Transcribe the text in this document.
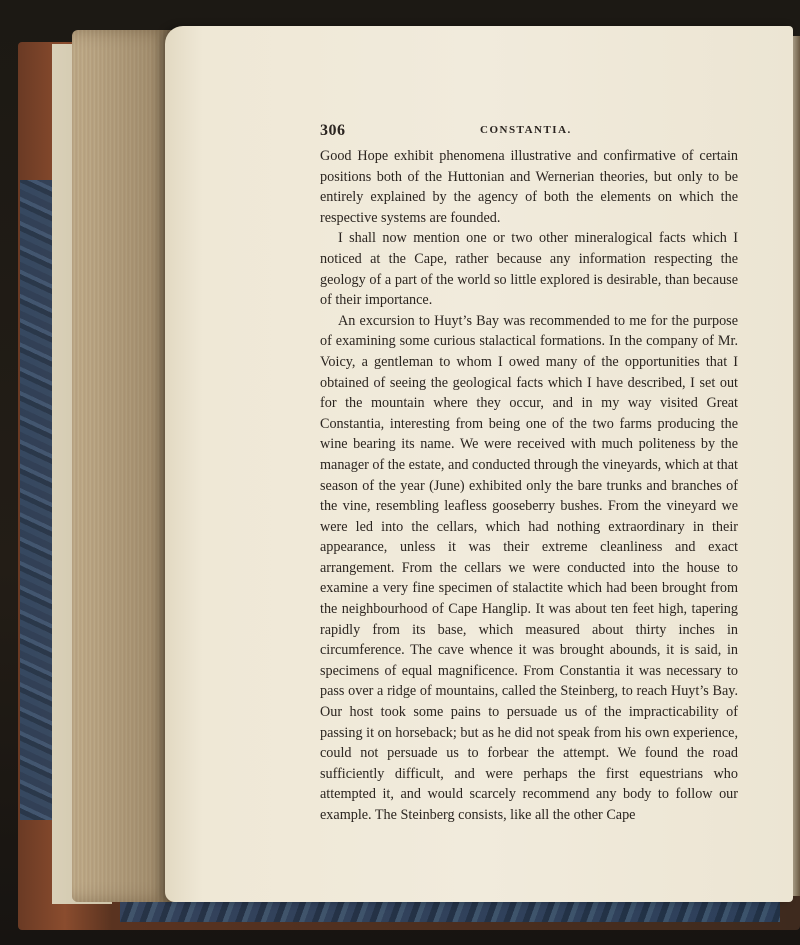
306	CONSTANTIA.

Good Hope exhibit phenomena illustrative and confirmative of certain positions both of the Huttonian and Wernerian theories, but only to be entirely explained by the agency of both the elements on which the respective systems are founded.

I shall now mention one or two other mineralogical facts which I noticed at the Cape, rather because any information respecting the geology of a part of the world so little explored is desirable, than because of their importance.

An excursion to Huyt’s Bay was recommended to me for the purpose of examining some curious stalactical formations. In the company of Mr. Voicy, a gentleman to whom I owed many of the opportunities that I obtained of seeing the geological facts which I have described, I set out for the mountain where they occur, and in my way visited Great Constantia, interesting from being one of the two farms producing the wine bearing its name. We were received with much politeness by the manager of the estate, and conducted through the vineyards, which at that season of the year (June) exhibited only the bare trunks and branches of the vine, resembling leafless gooseberry bushes. From the vineyard we were led into the cellars, which had nothing extraordinary in their appearance, unless it was their extreme cleanliness and exact arrangement. From the cellars we were conducted into the house to examine a very fine specimen of stalactite which had been brought from the neighbourhood of Cape Hanglip. It was about ten feet high, tapering rapidly from its base, which measured about thirty inches in circumference. The cave whence it was brought abounds, it is said, in specimens of equal magnificence. From Constantia it was necessary to pass over a ridge of mountains, called the Steinberg, to reach Huyt’s Bay. Our host took some pains to persuade us of the impracticability of passing it on horseback; but as he did not speak from his own experience, could not persuade us to forbear the attempt. We found the road sufficiently difficult, and were perhaps the first equestrians who attempted it, and would scarcely recommend any body to follow our example. The Steinberg consists, like all the other Cape
